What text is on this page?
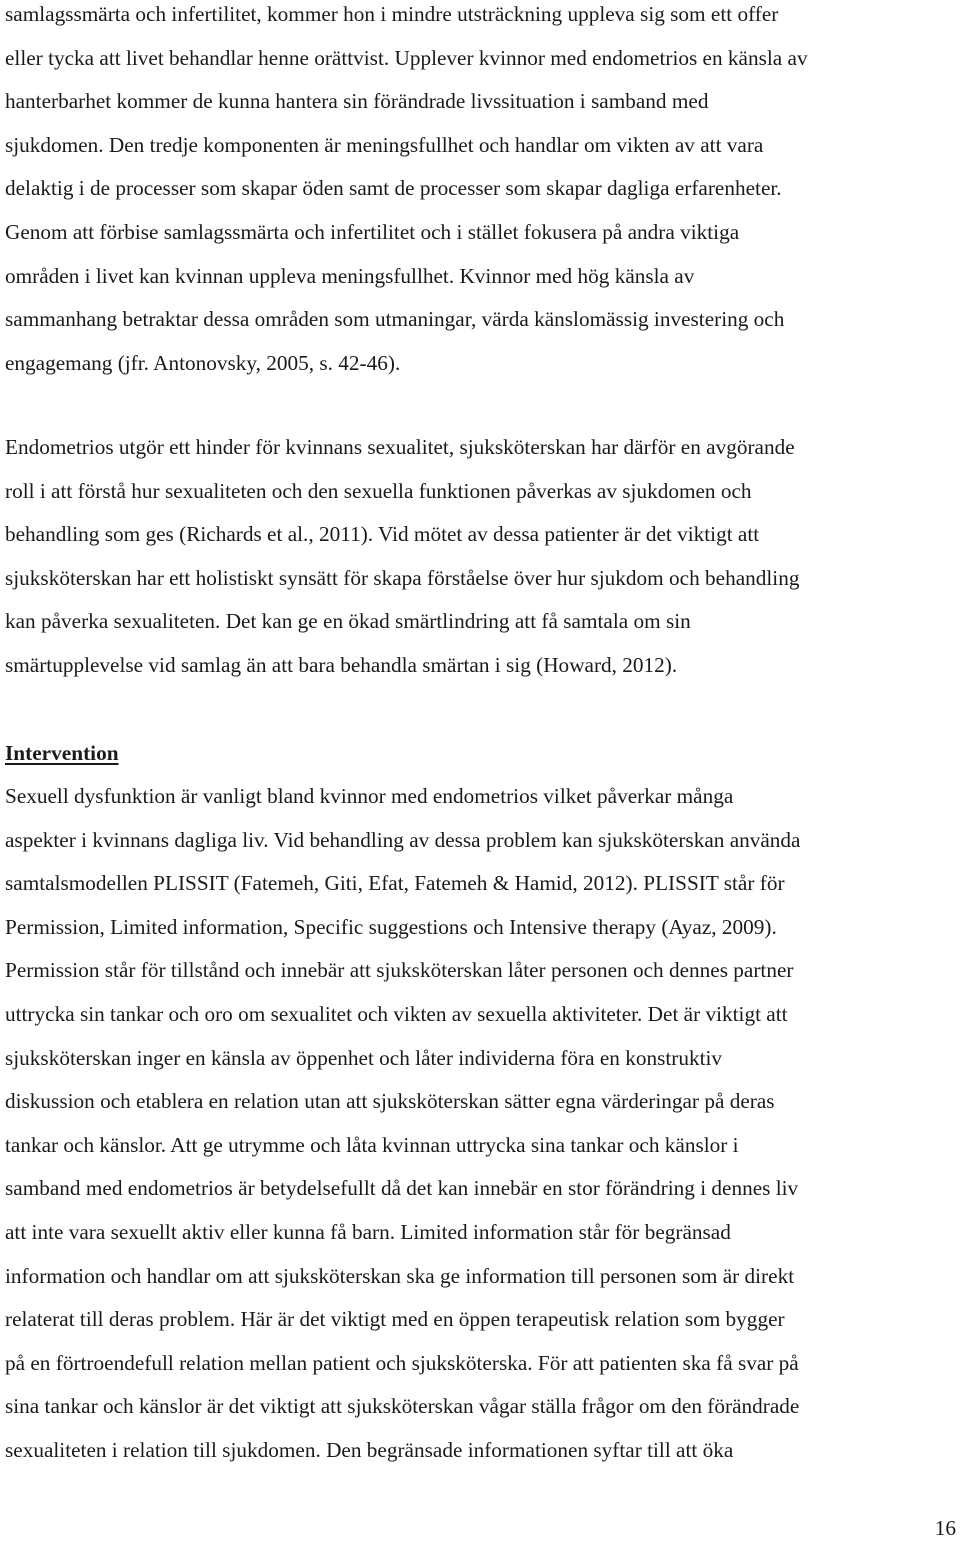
samlagssmärta och infertilitet, kommer hon i mindre utsträckning uppleva sig som ett offer
eller tycka att livet behandlar henne orättvist. Upplever kvinnor med endometrios en känsla av
hanterbarhet kommer de kunna hantera sin förändrade livssituation i samband med
sjukdomen. Den tredje komponenten är meningsfullhet och handlar om vikten av att vara
delaktig i de processer som skapar öden samt de processer som skapar dagliga erfarenheter.
Genom att förbise samlagssmärta och infertilitet och i stället fokusera på andra viktiga
områden i livet kan kvinnan uppleva meningsfullhet. Kvinnor med hög känsla av
sammanhang betraktar dessa områden som utmaningar, värda känslomässig investering och
engagemang (jfr. Antonovsky, 2005, s. 42-46).

Endometrios utgör ett hinder för kvinnans sexualitet, sjuksköterskan har därför en avgörande
roll i att förstå hur sexualiteten och den sexuella funktionen påverkas av sjukdomen och
behandling som ges (Richards et al., 2011). Vid mötet av dessa patienter är det viktigt att
sjuksköterskan har ett holistiskt synsätt för skapa förståelse över hur sjukdom och behandling
kan påverka sexualiteten. Det kan ge en ökad smärtlindring att få samtala om sin
smärtupplevelse vid samlag än att bara behandla smärtan i sig (Howard, 2012).

Intervention

Sexuell dysfunktion är vanligt bland kvinnor med endometrios vilket påverkar många
aspekter i kvinnans dagliga liv. Vid behandling av dessa problem kan sjuksköterskan använda
samtalsmodellen PLISSIT (Fatemeh, Giti, Efat, Fatemeh & Hamid, 2012). PLISSIT står för
Permission, Limited information, Specific suggestions och Intensive therapy (Ayaz, 2009).
Permission står för tillstånd och innebär att sjuksköterskan låter personen och dennes partner
uttrycka sin tankar och oro om sexualitet och vikten av sexuella aktiviteter. Det är viktigt att
sjuksköterskan inger en känsla av öppenhet och låter individerna föra en konstruktiv
diskussion och etablera en relation utan att sjuksköterskan sätter egna värderingar på deras
tankar och känslor. Att ge utrymme och låta kvinnan uttrycka sina tankar och känslor i
samband med endometrios är betydelsefullt då det kan innebär en stor förändring i dennes liv
att inte vara sexuellt aktiv eller kunna få barn. Limited information står för begränsad
information och handlar om att sjuksköterskan ska ge information till personen som är direkt
relaterat till deras problem. Här är det viktigt med en öppen terapeutisk relation som bygger
på en förtroendefull relation mellan patient och sjuksköterska. För att patienten ska få svar på
sina tankar och känslor är det viktigt att sjuksköterskan vågar ställa frågor om den förändrade
sexualiteten i relation till sjukdomen. Den begränsade informationen syftar till att öka

16
